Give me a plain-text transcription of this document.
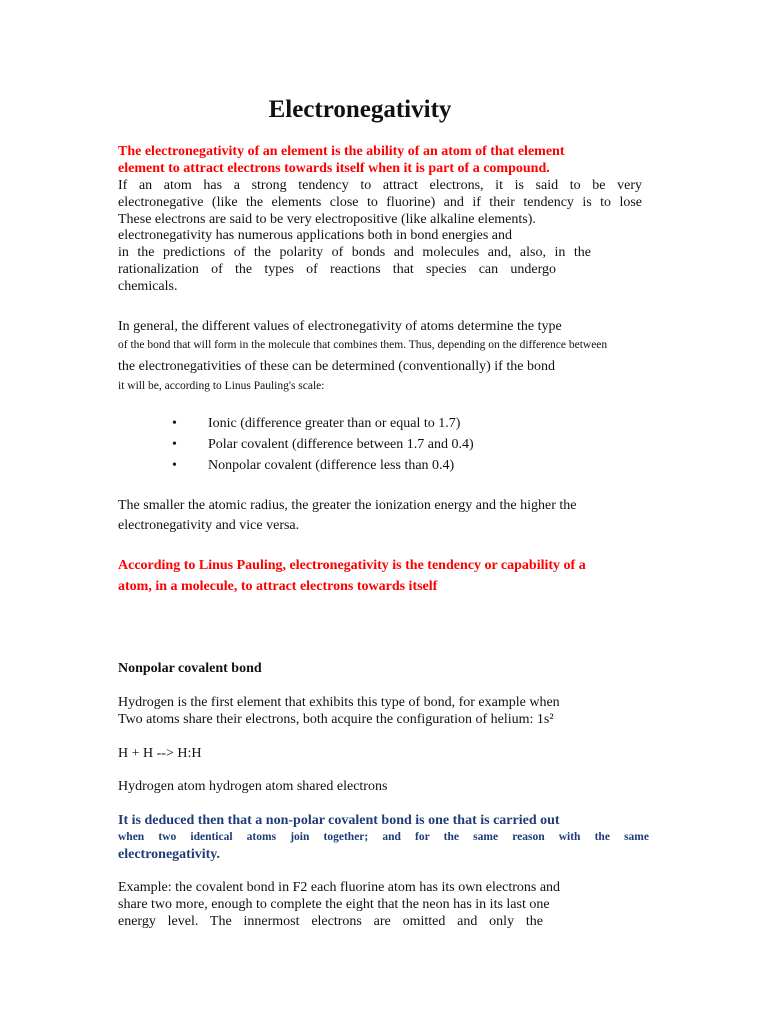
Electronegativity
The electronegativity of an element is the ability of an atom of that element
element to attract electrons towards itself when it is part of a compound.
If an atom has a strong tendency to attract electrons, it is said to be very
electronegative (like the elements close to fluorine) and if their tendency is to lose
These electrons are said to be very electropositive (like alkaline elements).
electronegativity has numerous applications both in bond energies and
in the predictions of the polarity of bonds and molecules and, also, in the
rationalization of the types of reactions that species can undergo
chemicals.
In general, the different values of electronegativity of atoms determine the type
of the bond that will form in the molecule that combines them. Thus, depending on the difference between
the electronegativities of these can be determined (conventionally) if the bond
it will be, according to Linus Pauling's scale:
• Ionic (difference greater than or equal to 1.7)
• Polar covalent (difference between 1.7 and 0.4)
• Nonpolar covalent (difference less than 0.4)
The smaller the atomic radius, the greater the ionization energy and the higher the
electronegativity and vice versa.
According to Linus Pauling, electronegativity is the tendency or capability of a
atom, in a molecule, to attract electrons towards itself
Nonpolar covalent bond
Hydrogen is the first element that exhibits this type of bond, for example when
Two atoms share their electrons, both acquire the configuration of helium: 1s²
H + H --> H:H
Hydrogen atom hydrogen atom shared electrons
It is deduced then that a non-polar covalent bond is one that is carried out
when two identical atoms join together; and for the same reason with the same
electronegativity.
Example: the covalent bond in F2 each fluorine atom has its own electrons and
share two more, enough to complete the eight that the neon has in its last one
energy level. The innermost electrons are omitted and only the
